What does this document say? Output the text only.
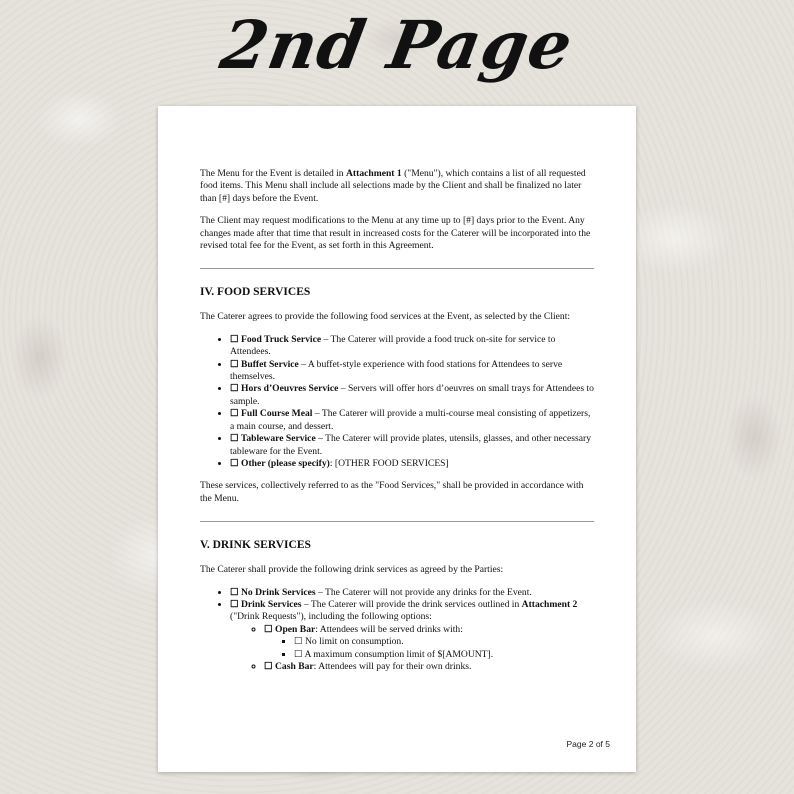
2nd Page

The Menu for the Event is detailed in Attachment 1 ("Menu"), which contains a list of all requested food items. This Menu shall include all selections made by the Client and shall be finalized no later than [#] days before the Event.

The Client may request modifications to the Menu at any time up to [#] days prior to the Event. Any changes made after that time that result in increased costs for the Caterer will be incorporated into the revised total fee for the Event, as set forth in this Agreement.

IV. FOOD SERVICES

The Caterer agrees to provide the following food services at the Event, as selected by the Client:

• ☐ Food Truck Service – The Caterer will provide a food truck on-site for service to Attendees.
• ☐ Buffet Service – A buffet-style experience with food stations for Attendees to serve themselves.
• ☐ Hors d’Oeuvres Service – Servers will offer hors d’oeuvres on small trays for Attendees to sample.
• ☐ Full Course Meal – The Caterer will provide a multi-course meal consisting of appetizers, a main course, and dessert.
• ☐ Tableware Service – The Caterer will provide plates, utensils, glasses, and other necessary tableware for the Event.
• ☐ Other (please specify): [OTHER FOOD SERVICES]

These services, collectively referred to as the "Food Services," shall be provided in accordance with the Menu.

V. DRINK SERVICES

The Caterer shall provide the following drink services as agreed by the Parties:

• ☐ No Drink Services – The Caterer will not provide any drinks for the Event.
• ☐ Drink Services – The Caterer will provide the drink services outlined in Attachment 2 ("Drink Requests"), including the following options:
◦ ☐ Open Bar: Attendees will be served drinks with:
▪ ☐ No limit on consumption.
▪ ☐ A maximum consumption limit of $[AMOUNT].
◦ ☐ Cash Bar: Attendees will pay for their own drinks.
Page 2 of 5
